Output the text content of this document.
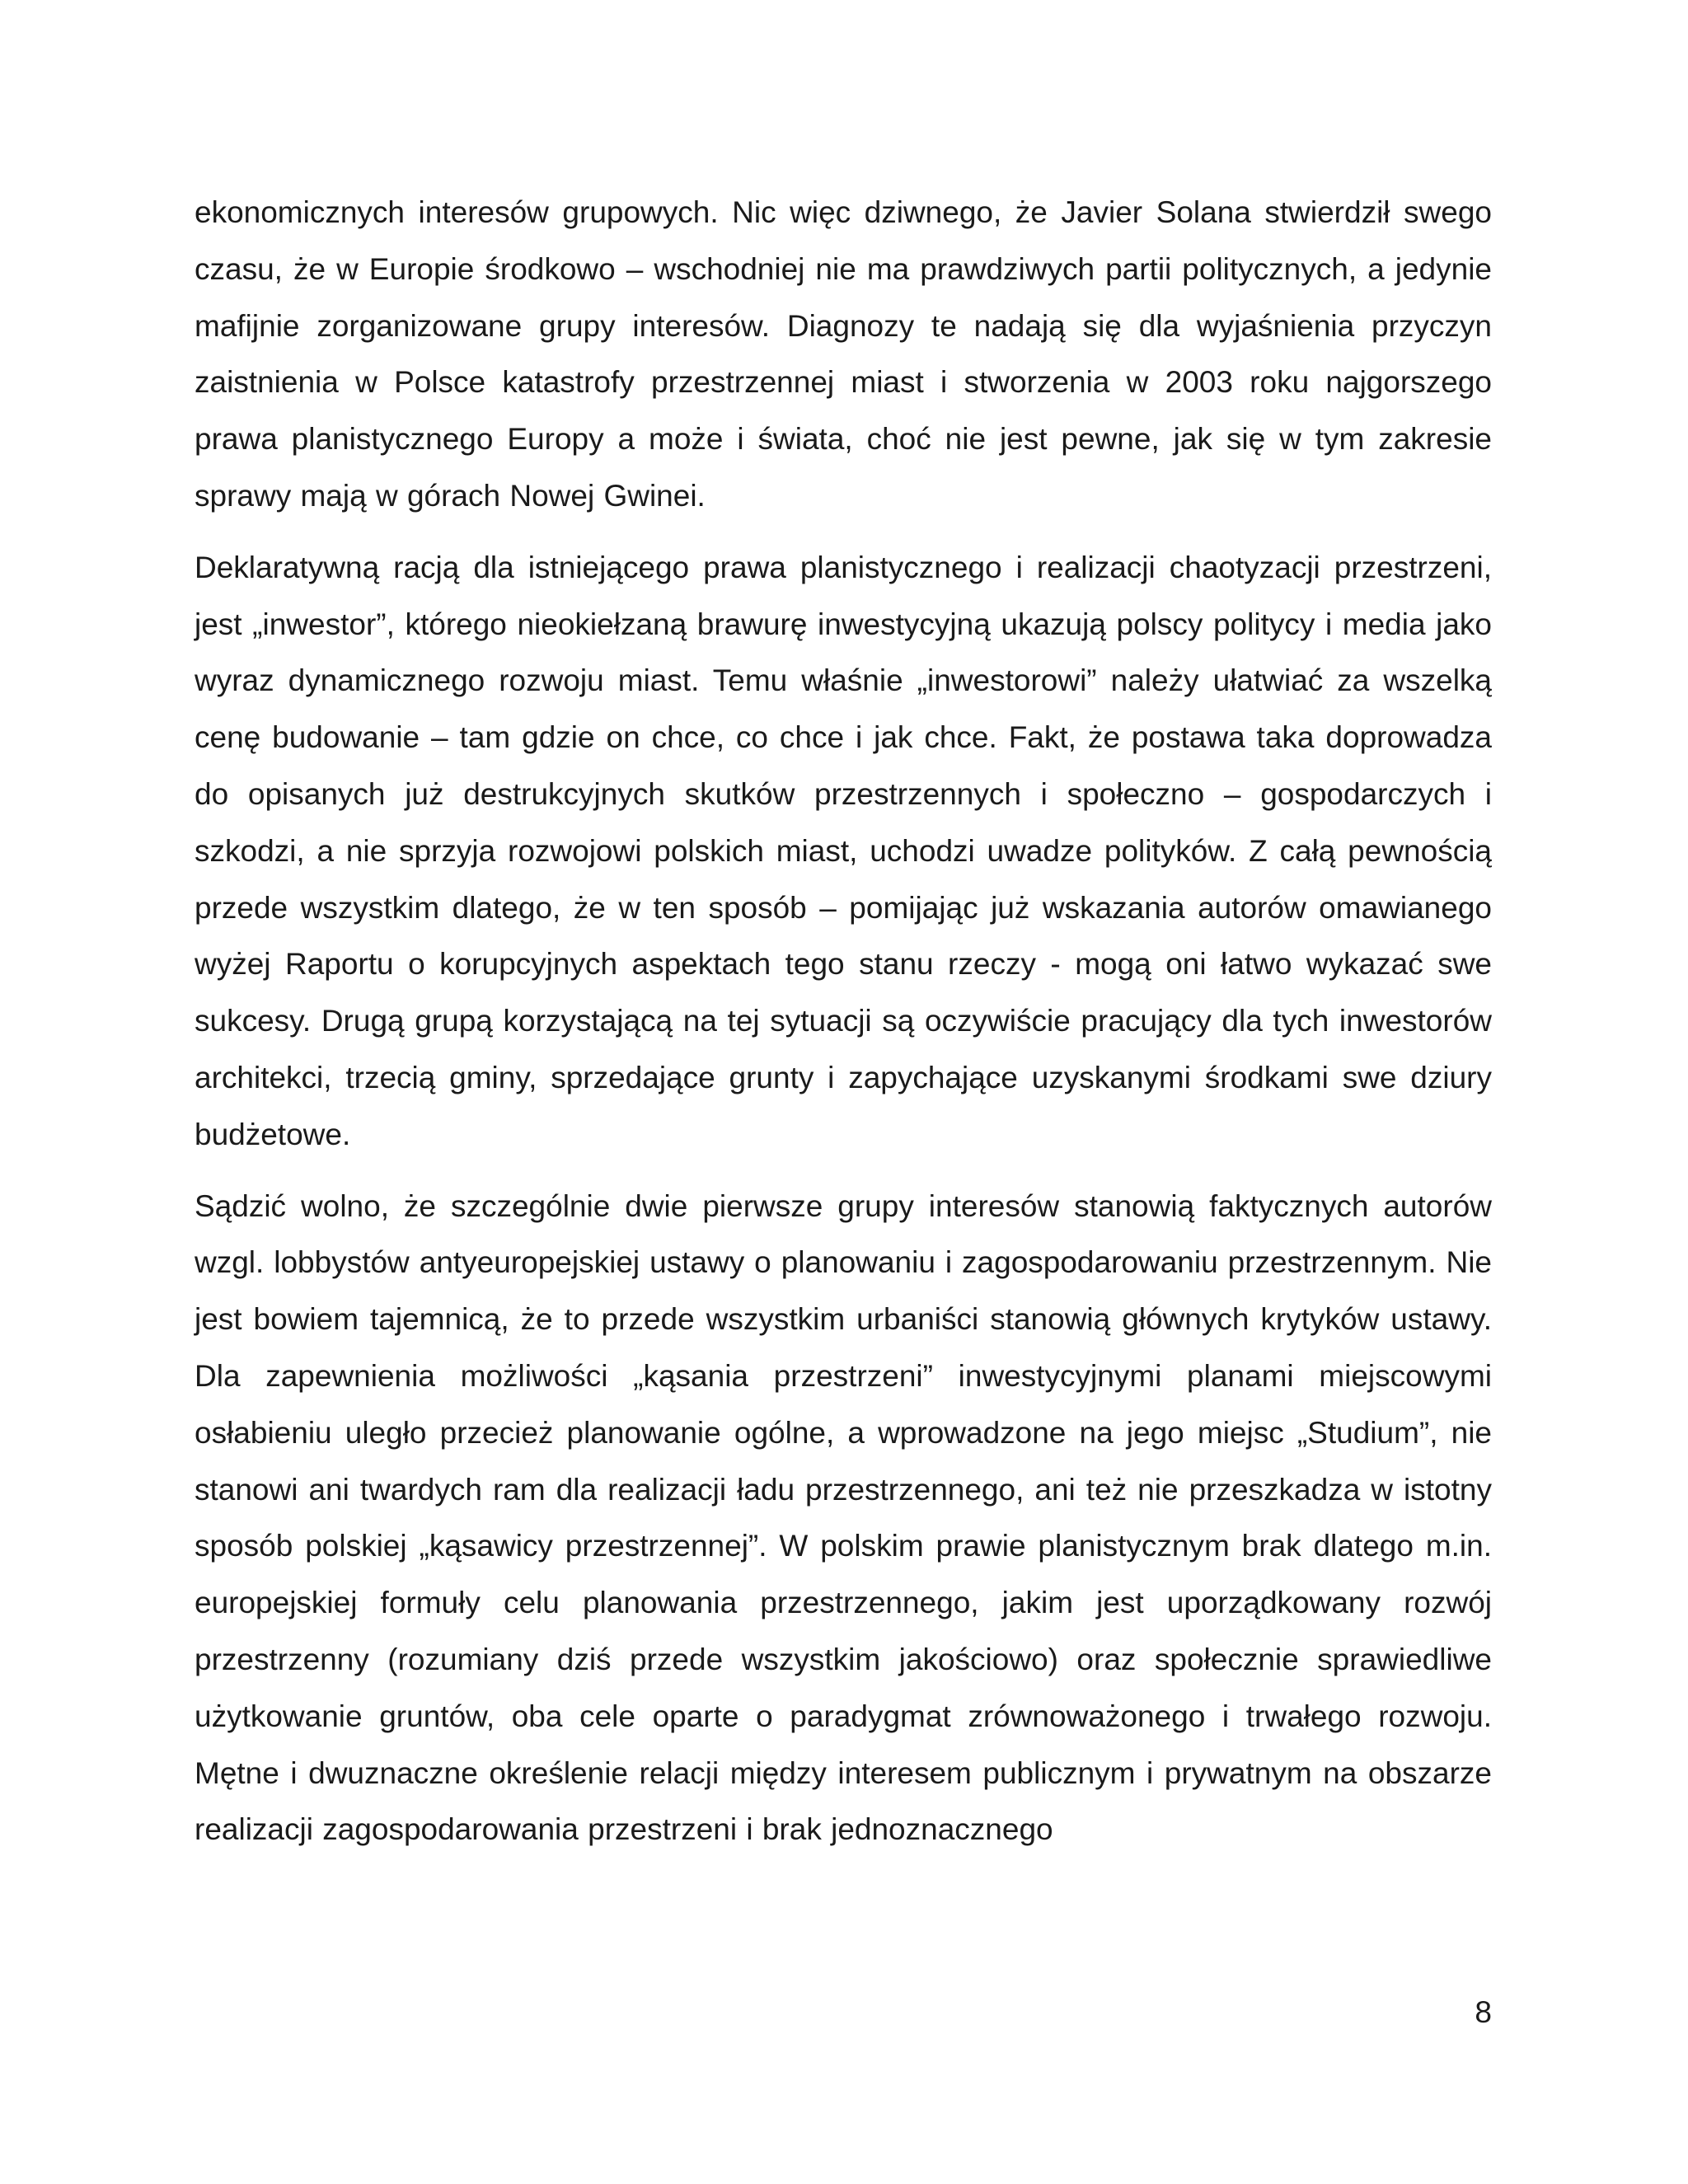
ekonomicznych interesów grupowych. Nic więc dziwnego, że Javier Solana stwierdził swego czasu, że w Europie środkowo – wschodniej nie ma prawdziwych partii politycznych, a jedynie mafijnie zorganizowane grupy interesów. Diagnozy te nadają się dla wyjaśnienia przyczyn zaistnienia w Polsce katastrofy przestrzennej miast i stworzenia w 2003 roku najgorszego prawa planistycznego Europy a może i świata, choć nie jest pewne, jak się w tym zakresie sprawy mają w górach Nowej Gwinei.

Deklaratywną racją dla istniejącego prawa planistycznego i realizacji chaotyzacji przestrzeni, jest „inwestor”, którego nieokiełzaną brawurę inwestycyjną ukazują polscy politycy i media jako wyraz dynamicznego rozwoju miast. Temu właśnie „inwestorowi” należy ułatwiać za wszelką cenę budowanie – tam gdzie on chce, co chce i jak chce. Fakt, że postawa taka doprowadza do opisanych już destrukcyjnych skutków przestrzennych i społeczno – gospodarczych i szkodzi, a nie sprzyja rozwojowi polskich miast, uchodzi uwadze polityków. Z całą pewnością przede wszystkim dlatego, że w ten sposób – pomijając już wskazania autorów omawianego wyżej Raportu o korupcyjnych aspektach tego stanu rzeczy - mogą oni łatwo wykazać swe sukcesy. Drugą grupą korzystającą na tej sytuacji są oczywiście pracujący dla tych inwestorów architekci, trzecią gminy, sprzedające grunty i zapychające uzyskanymi środkami swe dziury budżetowe.

Sądzić wolno, że szczególnie dwie pierwsze grupy interesów stanowią faktycznych autorów wzgl. lobbystów antyeuropejskiej ustawy o planowaniu i zagospodarowaniu przestrzennym. Nie jest bowiem tajemnicą, że to przede wszystkim urbaniści stanowią głównych krytyków ustawy. Dla zapewnienia możliwości „kąsania przestrzeni” inwestycyjnymi planami miejscowymi osłabieniu uległo przecież planowanie ogólne, a wprowadzone na jego miejsc „Studium”, nie stanowi ani twardych ram dla realizacji ładu przestrzennego, ani też nie przeszkadza w istotny sposób polskiej „kąsawicy przestrzennej”. W polskim prawie planistycznym brak dlatego m.in. europejskiej formuły celu planowania przestrzennego, jakim jest uporządkowany rozwój przestrzenny (rozumiany dziś przede wszystkim jakościowo) oraz społecznie sprawiedliwe użytkowanie gruntów, oba cele oparte o paradygmat zrównoważonego i trwałego rozwoju. Mętne i dwuznaczne określenie relacji między interesem publicznym i prywatnym na obszarze realizacji zagospodarowania przestrzeni i brak jednoznacznego

8
